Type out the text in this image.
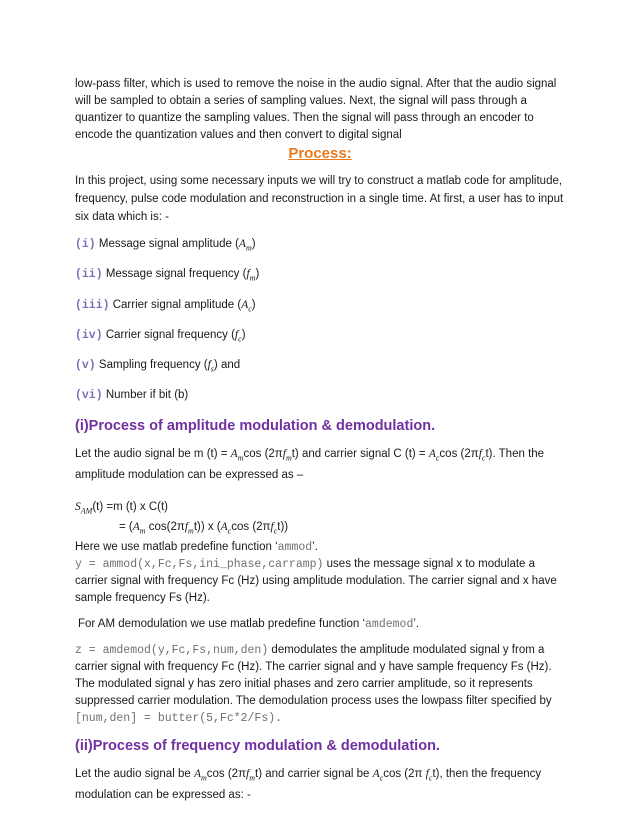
low-pass filter, which is used to remove the noise in the audio signal. After that the audio signal will be sampled to obtain a series of sampling values. Next, the signal will pass through a quantizer to quantize the sampling values. Then the signal will pass through an encoder to encode the quantization values and then convert to digital signal

Process:

In this project, using some necessary inputs we will try to construct a matlab code for amplitude, frequency, pulse code modulation and reconstruction in a single time. At first, a user has to input six data which is: -

(i) Message signal amplitude $(A_m)$
(ii) Message signal frequency $(f_m)$
(iii) Carrier signal amplitude $(A_c)$
(iv) Carrier signal frequency $(f_c)$
(v) Sampling frequency $(f_s)$ and
(vi) Number if bit (b)

(i)Process of amplitude modulation & demodulation.

Let the audio signal be m $(t) = A_m\cos$ $(2\pi f_mt)$ and carrier signal C $(t) = A_c\cos$ $(2\pi f_ct)$. Then the amplitude modulation can be expressed as –

$S_{AM}(t) =m$ (t) x C(t)

= ($A_m$ $\cos(2\pi f_mt)$) x ($A_c\cos$ $(2\pi f_ct)$)

Here we use matlab predefine function ‘ammod’.

y = ammod(x,Fc,Fs,ini_phase,carramp) uses the message signal x to modulate a carrier signal with frequency Fc (Hz) using amplitude modulation. The carrier signal and x have sample frequency Fs (Hz).

For AM demodulation we use matlab predefine function ‘amdemod’.

z = amdemod(y,Fc,Fs,num,den) demodulates the amplitude modulated signal y from a carrier signal with frequency Fc (Hz). The carrier signal and y have sample frequency Fs (Hz). The modulated signal y has zero initial phases and zero carrier amplitude, so it represents suppressed carrier modulation. The demodulation process uses the lowpass filter specified by [num,den] = butter(5,Fc*2/Fs).

(ii)Process of frequency modulation & demodulation.

Let the audio signal be $A_m\cos$ $(2\pi f_mt)$ and carrier signal be $A_c\cos$ (2π $f_ct$), then the frequency modulation can be expressed as: -
